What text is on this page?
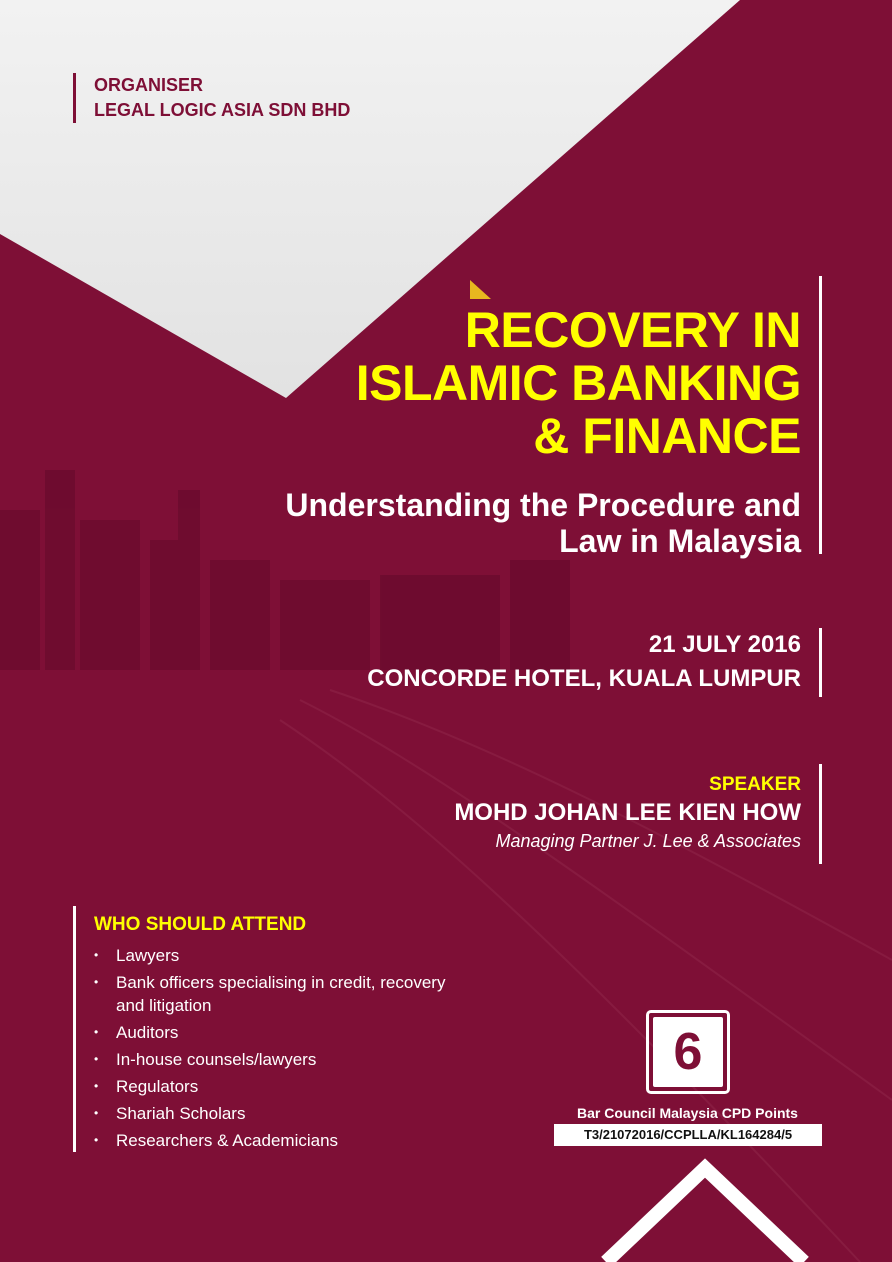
ORGANISER
LEGAL LOGIC ASIA SDN BHD
RECOVERY IN
ISLAMIC BANKING
& FINANCE
Understanding the Procedure and
Law in Malaysia
21 JULY 2016
CONCORDE HOTEL, KUALA LUMPUR
SPEAKER
MOHD JOHAN LEE KIEN HOW
Managing Partner J. Lee & Associates
WHO SHOULD ATTEND
• Lawyers
• Bank officers specialising in credit, recovery and litigation
• Auditors
• In-house counsels/lawyers
• Regulators
• Shariah Scholars
• Researchers & Academicians
6
Bar Council Malaysia CPD Points
T3/21072016/CCPLLA/KL164284/5
